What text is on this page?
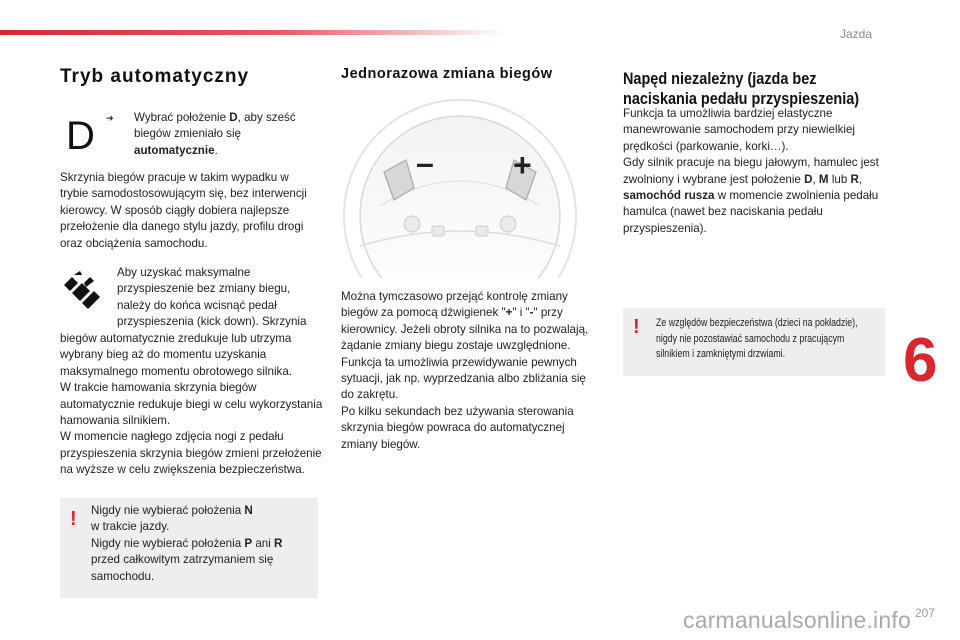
Jazda
6
Tryb automatyczny
D ➔ Wybrać położenie D, aby sześć biegów zmieniało się automatycznie.
Skrzynia biegów pracuje w takim wypadku w trybie samodostosowującym się, bez interwencji kierowcy. W sposób ciągły dobiera najlepsze przełożenie dla danego stylu jazdy, profilu drogi oraz obciążenia samochodu.
Aby uzyskać maksymalne przyspieszenie bez zmiany biegu, należy do końca wcisnąć pedał przyspieszenia (kick down). Skrzynia
biegów automatycznie zredukuje lub utrzyma wybrany bieg aż do momentu uzyskania maksymalnego momentu obrotowego silnika.
W trakcie hamowania skrzynia biegów automatycznie redukuje biegi w celu wykorzystania hamowania silnikiem.
W momencie nagłego zdjęcia nogi z pedału przyspieszenia skrzynia biegów zmieni przełożenie na wyższe w celu zwiększenia bezpieczeństwa.
! Nigdy nie wybierać położenia N
w trakcie jazdy.
Nigdy nie wybierać położenia P ani R
przed całkowitym zatrzymaniem się samochodu.
Jednorazowa zmiana biegów
– +
Można tymczasowo przejąć kontrolę zmiany biegów za pomocą dźwigienek "+" i "-" przy kierownicy. Jeżeli obroty silnika na to pozwalają, żądanie zmiany biegu zostaje uwzględnione.
Funkcja ta umożliwia przewidywanie pewnych sytuacji, jak np. wyprzedzania albo zbliżania się do zakrętu.
Po kilku sekundach bez używania sterowania skrzynia biegów powraca do automatycznej zmiany biegów.
Napęd niezależny (jazda bez naciskania pedału przyspieszenia)
Funkcja ta umożliwia bardziej elastyczne manewrowanie samochodem przy niewielkiej prędkości (parkowanie, korki…).
Gdy silnik pracuje na biegu jałowym, hamulec jest zwolniony i wybrane jest położenie D, M lub R, samochód rusza w momencie zwolnienia pedału hamulca (nawet bez naciskania pedału przyspieszenia).
! Ze względów bezpieczeństwa (dzieci na pokładzie), nigdy nie pozostawiać samochodu z pracującym silnikiem i zamkniętymi drzwiami.
carmanualsonline.info 207
